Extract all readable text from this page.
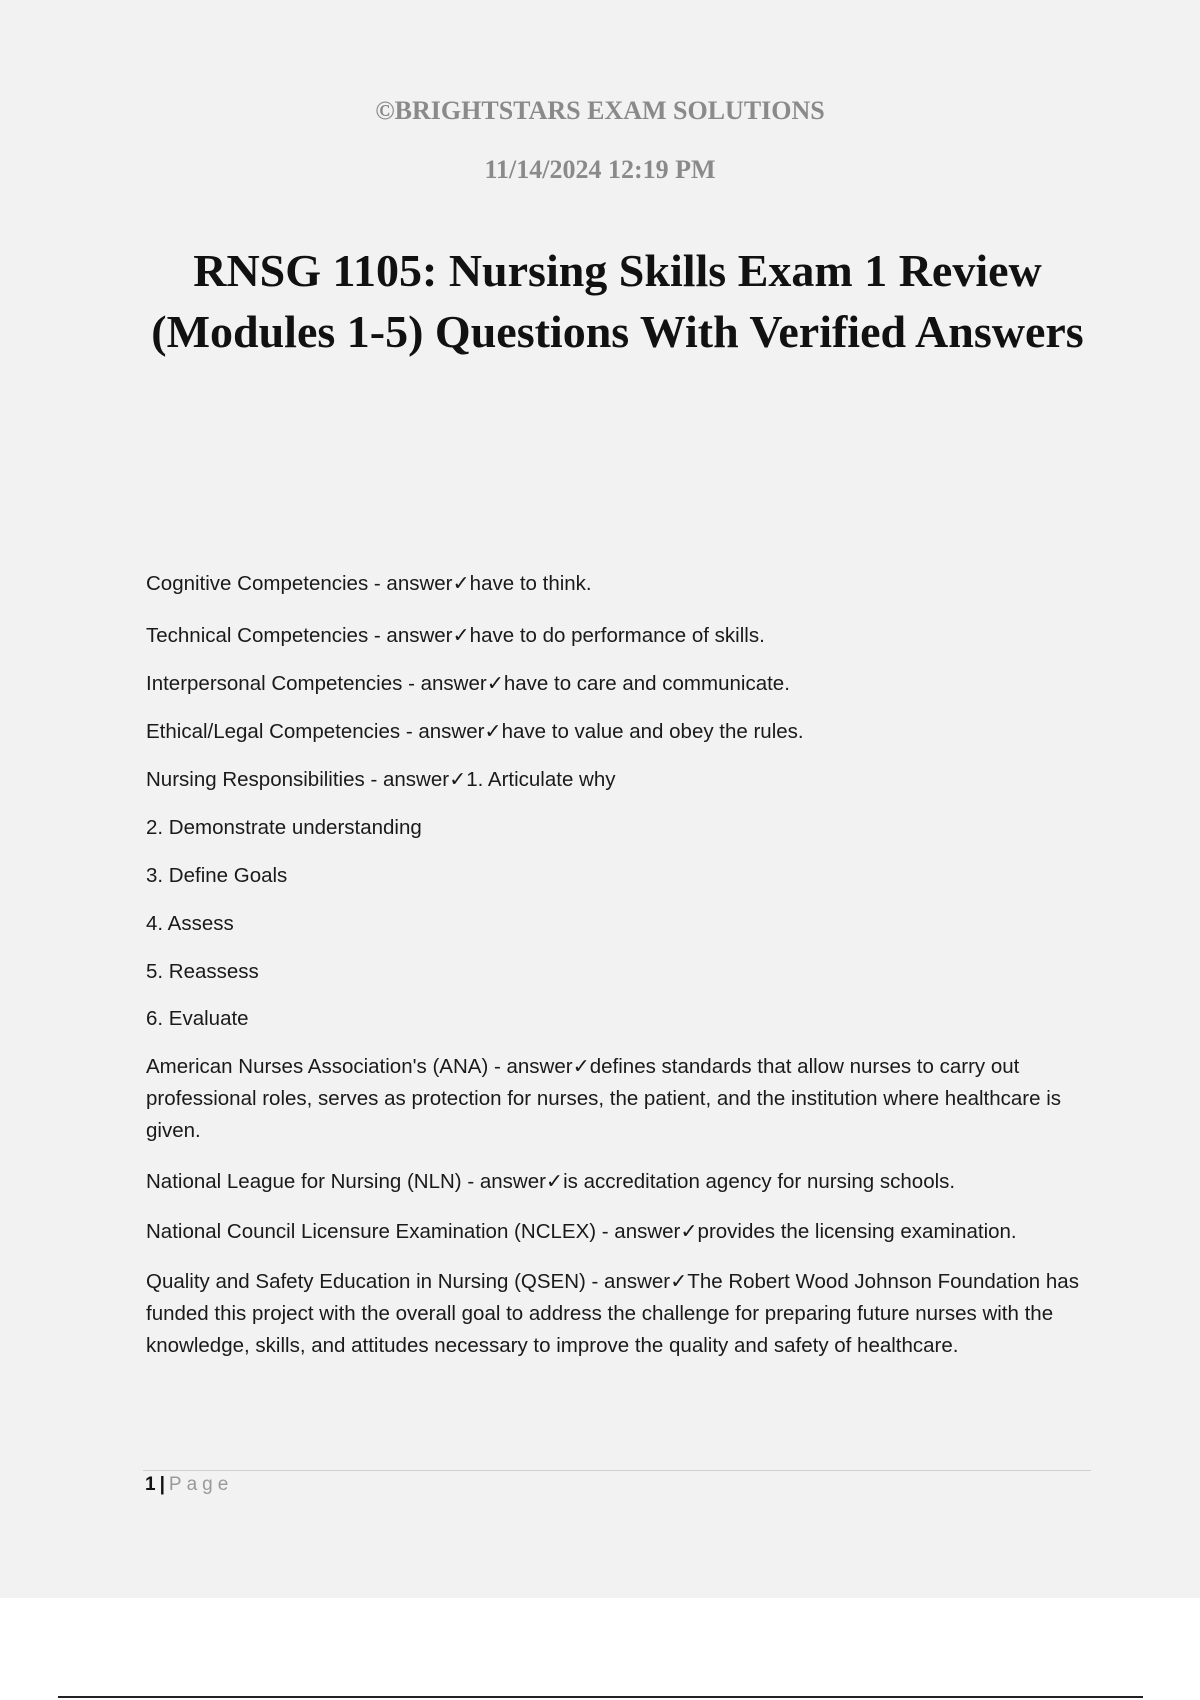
©BRIGHTSTARS EXAM SOLUTIONS

11/14/2024 12:19 PM

RNSG 1105: Nursing Skills Exam 1 Review (Modules 1-5) Questions With Verified Answers

Cognitive Competencies - answer✓have to think.

Technical Competencies - answer✓have to do performance of skills.

Interpersonal Competencies - answer✓have to care and communicate.

Ethical/Legal Competencies - answer✓have to value and obey the rules.

Nursing Responsibilities - answer✓1. Articulate why

2. Demonstrate understanding

3. Define Goals

4. Assess

5. Reassess

6. Evaluate

American Nurses Association's (ANA) - answer✓defines standards that allow nurses to carry out professional roles, serves as protection for nurses, the patient, and the institution where healthcare is given.

National League for Nursing (NLN) - answer✓is accreditation agency for nursing schools.

National Council Licensure Examination (NCLEX) - answer✓provides the licensing examination.

Quality and Safety Education in Nursing (QSEN) - answer✓The Robert Wood Johnson Foundation has funded this project with the overall goal to address the challenge for preparing future nurses with the knowledge, skills, and attitudes necessary to improve the quality and safety of healthcare.

1 | Page
